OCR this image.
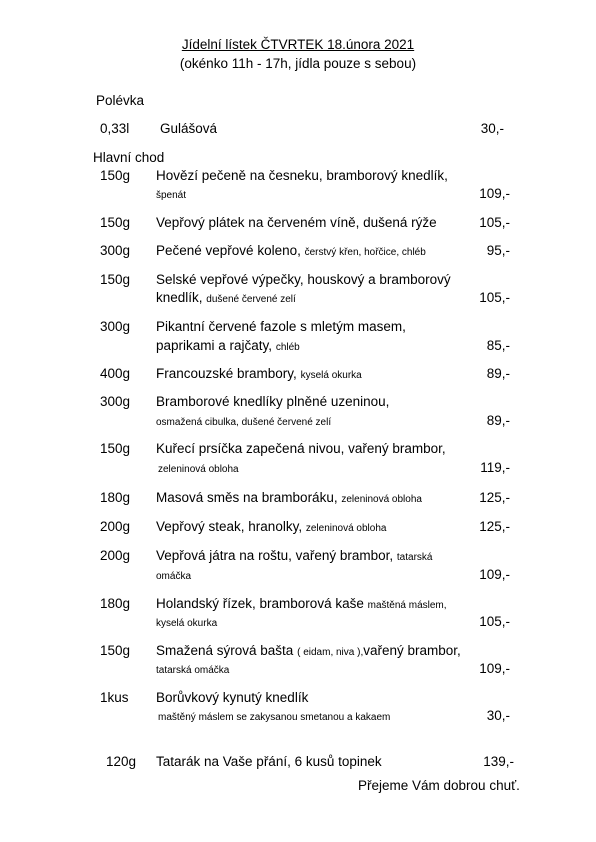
Jídelní lístek ČTVRTEK 18.února 2021
(okénko 11h - 17h, jídla pouze s sebou)
Polévka
0,33l Gulášová	30,-
Hlavní chod
150g Hovězí pečeně na česneku, bramborový knedlík,
špenát	109,-
150g Vepřový plátek na červeném víně, dušená rýže	105,-
300g Pečené vepřové koleno, čerstvý křen, hořčice, chléb	95,-
150g Selské vepřové výpečky, houskový a bramborový
knedlík, dušené červené zelí	105,-
300g Pikantní červené fazole s mletým masem,
paprikami a rajčaty, chléb	85,-
400g Francouzské brambory, kyselá okurka	89,-
300g Bramborové knedlíky plněné uzeninou,
osmažená cibulka, dušené červené zelí	89,-
150g Kuřecí prsíčka zapečená nivou, vařený brambor,
zeleninová obloha	119,-
180g Masová směs na bramboráku, zeleninová obloha	125,-
200g Vepřový steak, hranolky, zeleninová obloha	125,-
200g Vepřová játra na roštu, vařený brambor, tatarská
omáčka	109,-
180g Holandský řízek, bramborová kaše maštěná máslem,
kyselá okurka	105,-
150g Smažená sýrová bašta ( eidam, niva ),vařený brambor,
tatarská omáčka	109,-
1kus Borůvkový kynutý knedlík
maštěný máslem se zakysanou smetanou a kakaem	30,-
120g Tatarák na Vaše přání, 6 kusů topinek	139,-
Přejeme Vám dobrou chuť.
